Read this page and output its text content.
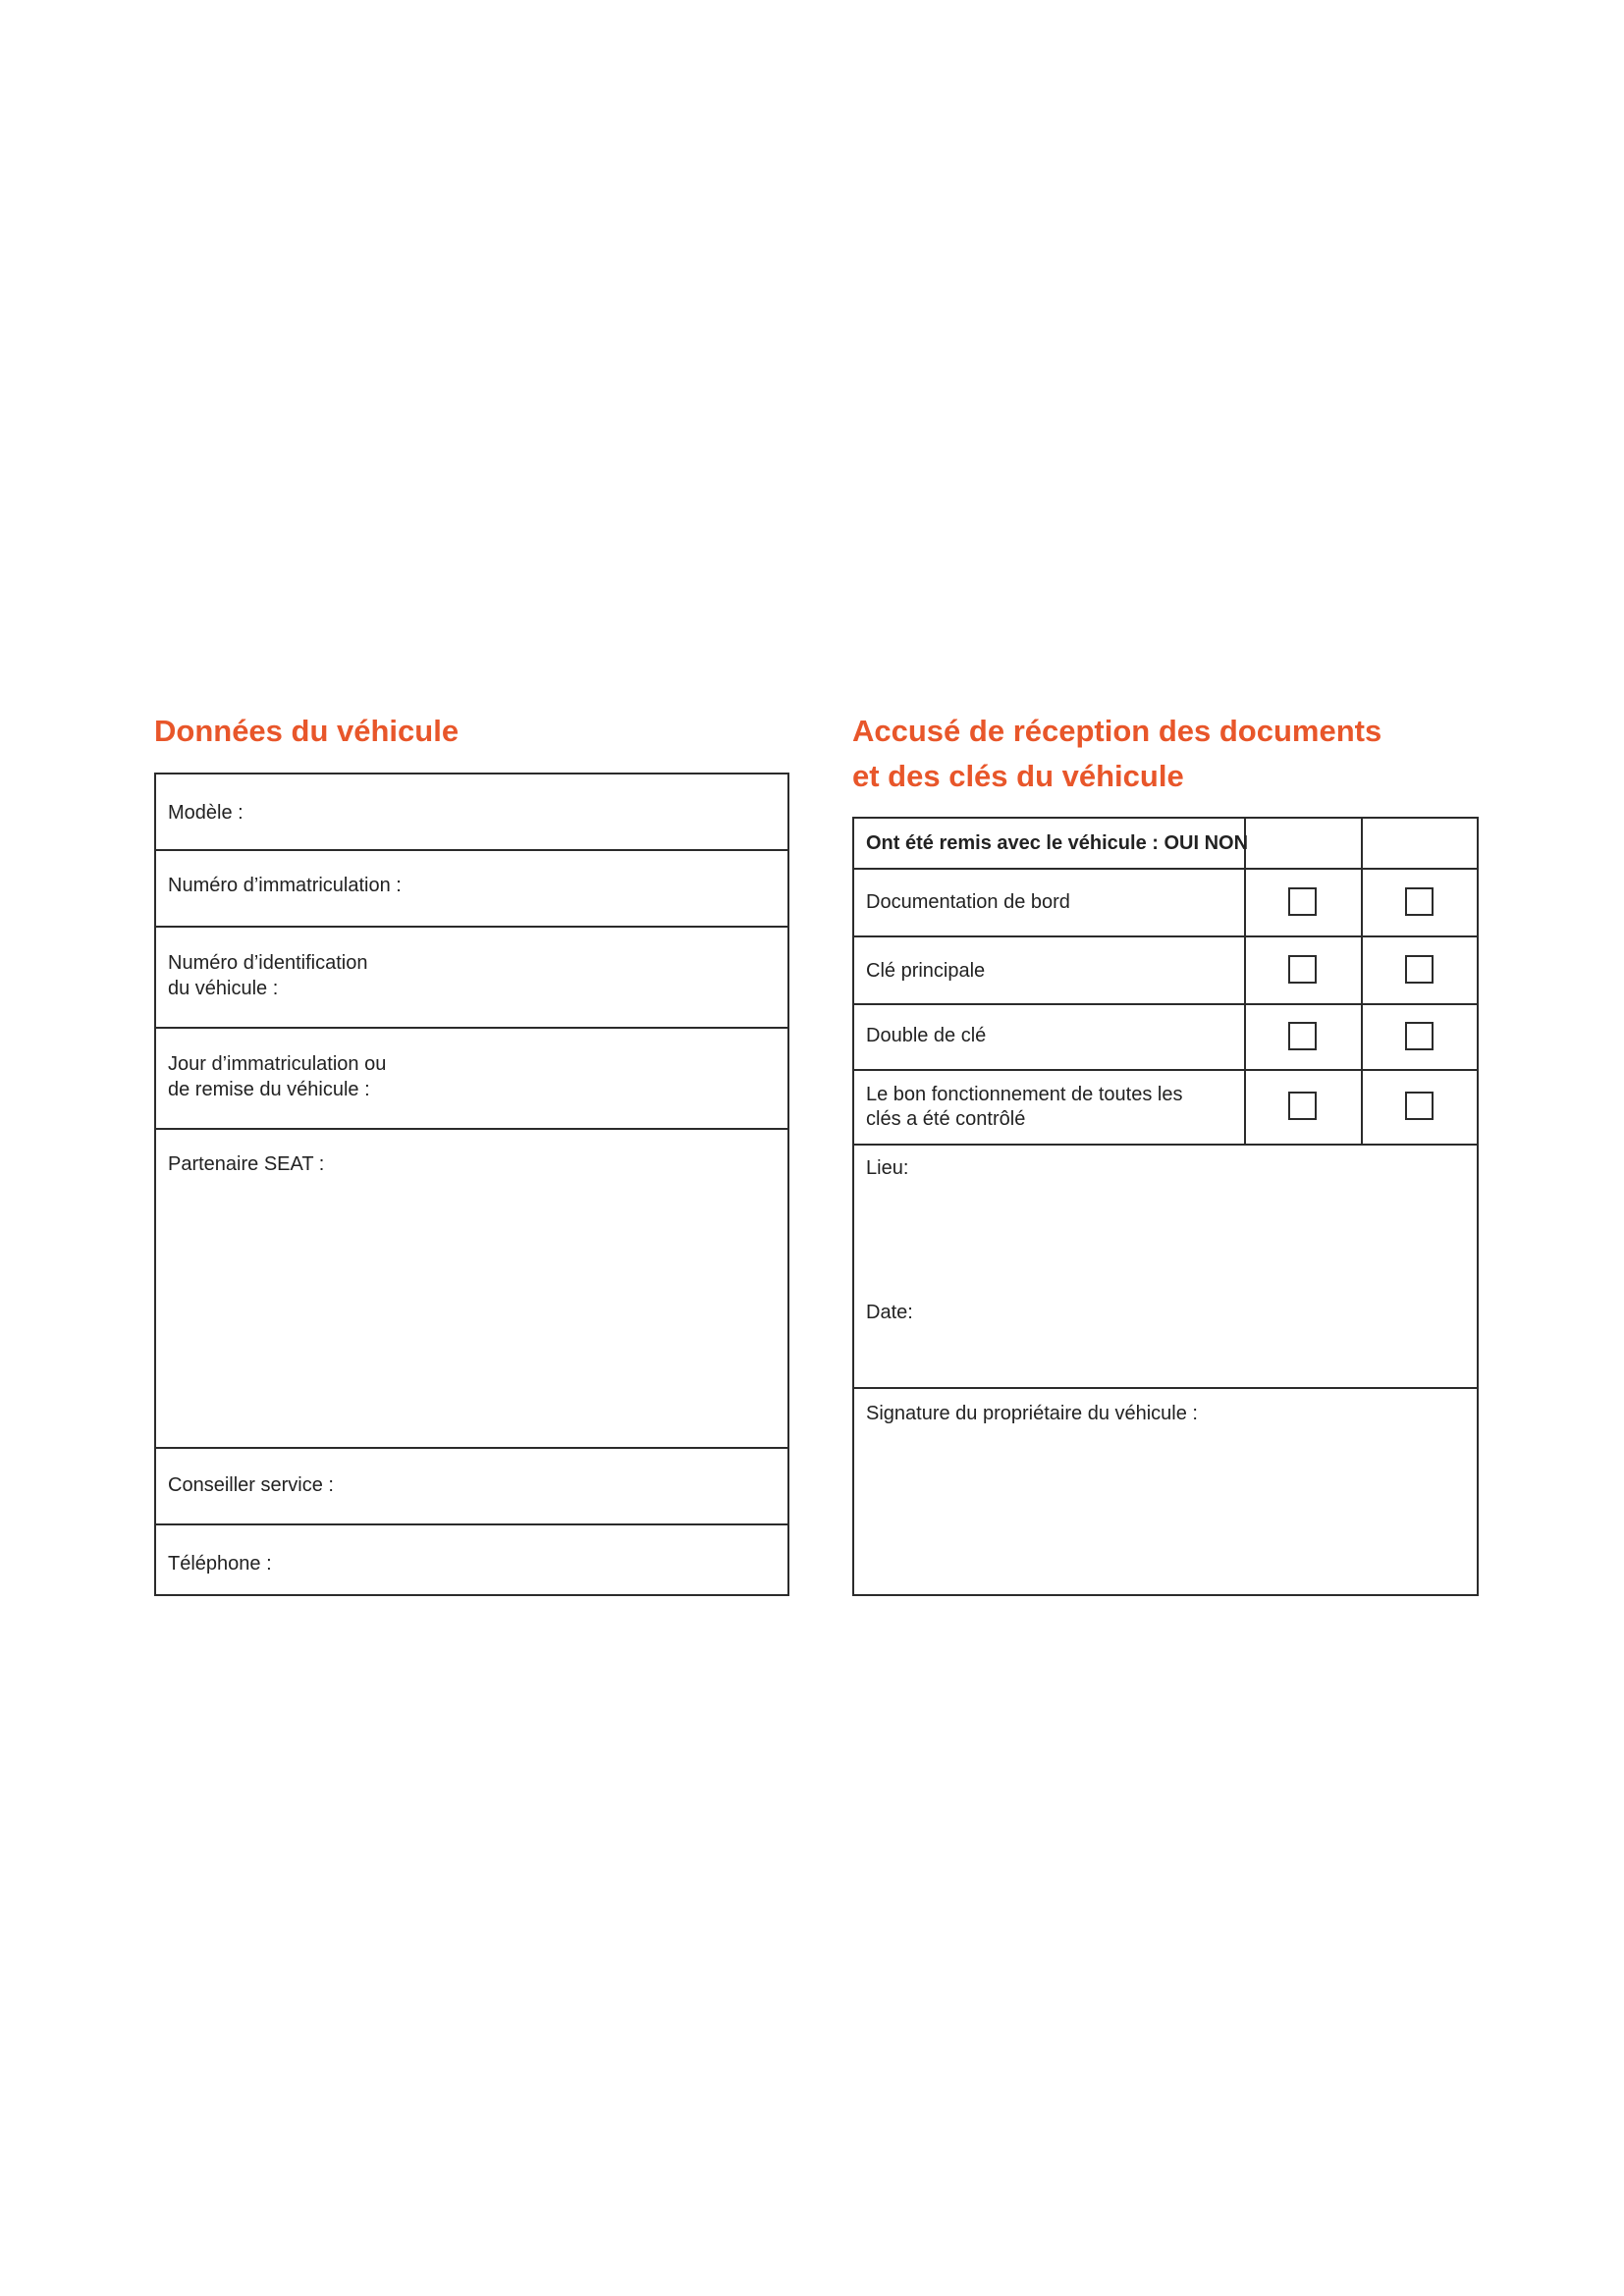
Données du véhicule
Modèle :
Numéro d’immatriculation :
Numéro d’identification
du véhicule :
Jour d’immatriculation ou
de remise du véhicule :
Partenaire SEAT :
Conseiller service :
Téléphone :
Accusé de réception des documents
et des clés du véhicule
Ont été remis avec le véhicule : OUI NON
Documentation de bord
Clé principale
Double de clé
Le bon fonctionnement de toutes les
clés a été contrôlé
Lieu:
Date:
Signature du propriétaire du véhicule :
